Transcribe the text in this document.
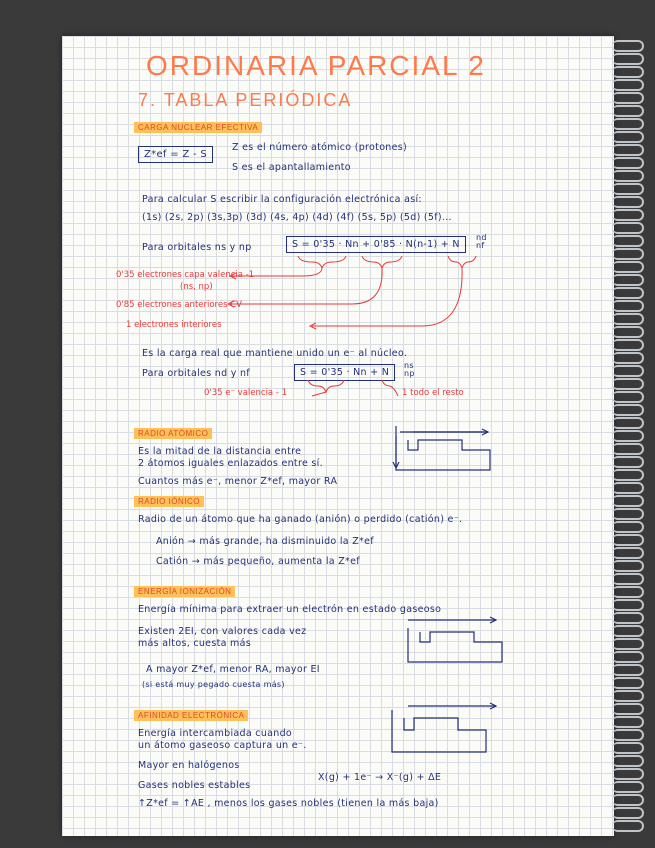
ORDINARIA PARCIAL 2
7. TABLA PERIÓDICA
CARGA NUCLEAR EFECTIVA
Z*ef = Z - S
Z es el número atómico (protones)
S es el apantallamiento
Para calcular S escribir la configuración electrónica así:
(1s) (2s, 2p) (3s,3p) (3d) (4s, 4p) (4d) (4f) (5s, 5p) (5d) (5f)...
Para orbitales ns y np	S = 0'35 · Nn + 0'85 · N(n-1) + N
nd nf
0'35 electrones capa valencia -1
(ns, np)
0'85 electrones anteriores CV
1 electrones interiores
Es la carga real que mantiene unido un e⁻ al núcleo.
Para orbitales nd y nf	S = 0'35 · Nn + N
ns np
0'35 e⁻ valencia - 1	1 todo el resto
RADIO ATÓMICO
Es la mitad de la distancia entre
2 átomos iguales enlazados entre sí.
Cuantos más e⁻, menor Z*ef, mayor RA
RADIO IÓNICO
Radio de un átomo que ha ganado (anión) o perdido (catión) e⁻.
Anión → más grande, ha disminuido la Z*ef
Catión → más pequeño, aumenta la Z*ef
ENERGÍA IONIZACIÓN
Energía mínima para extraer un electrón en estado gaseoso
Existen 2EI, con valores cada vez
más altos, cuesta más
A mayor Z*ef, menor RA, mayor EI
(si está muy pegado cuesta más)
AFINIDAD ELECTRÓNICA
Energía intercambiada cuando
un átomo gaseoso captura un e⁻.
Mayor en halógenos
Gases nobles estables
X(g) + 1e⁻ → X⁻(g) + ΔE
↑Z*ef = ↑AE , menos los gases nobles (tienen la más baja)
